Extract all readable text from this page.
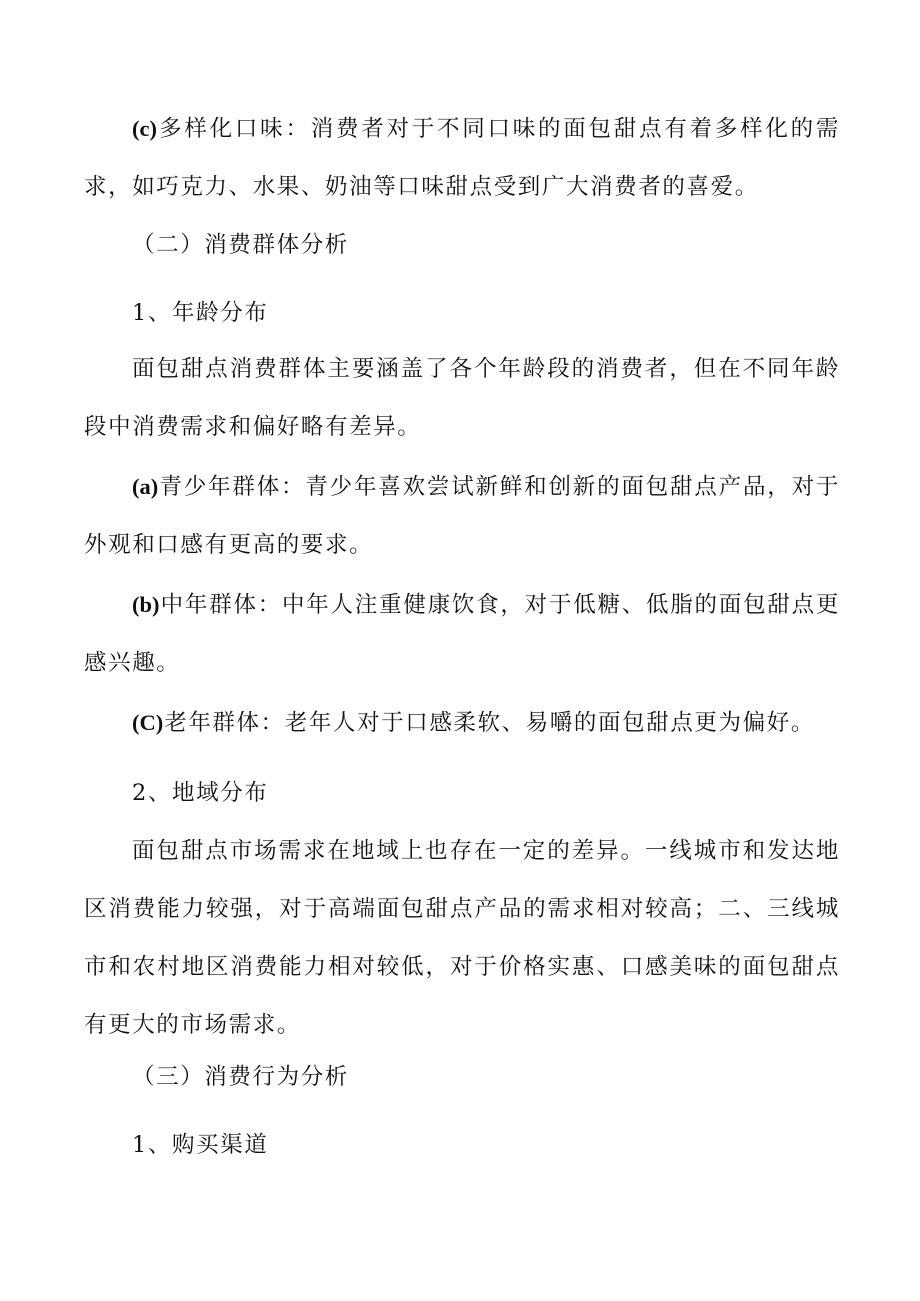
(c)多样化口味：消费者对于不同口味的面包甜点有着多样化的需求，如巧克力、水果、奶油等口味甜点受到广大消费者的喜爱。

（二）消费群体分析

1、年龄分布

面包甜点消费群体主要涵盖了各个年龄段的消费者，但在不同年龄段中消费需求和偏好略有差异。

(a)青少年群体：青少年喜欢尝试新鲜和创新的面包甜点产品，对于外观和口感有更高的要求。

(b)中年群体：中年人注重健康饮食，对于低糖、低脂的面包甜点更感兴趣。

(C)老年群体：老年人对于口感柔软、易嚼的面包甜点更为偏好。

2、地域分布

面包甜点市场需求在地域上也存在一定的差异。一线城市和发达地区消费能力较强，对于高端面包甜点产品的需求相对较高；二、三线城市和农村地区消费能力相对较低，对于价格实惠、口感美味的面包甜点有更大的市场需求。

（三）消费行为分析

1、购买渠道
